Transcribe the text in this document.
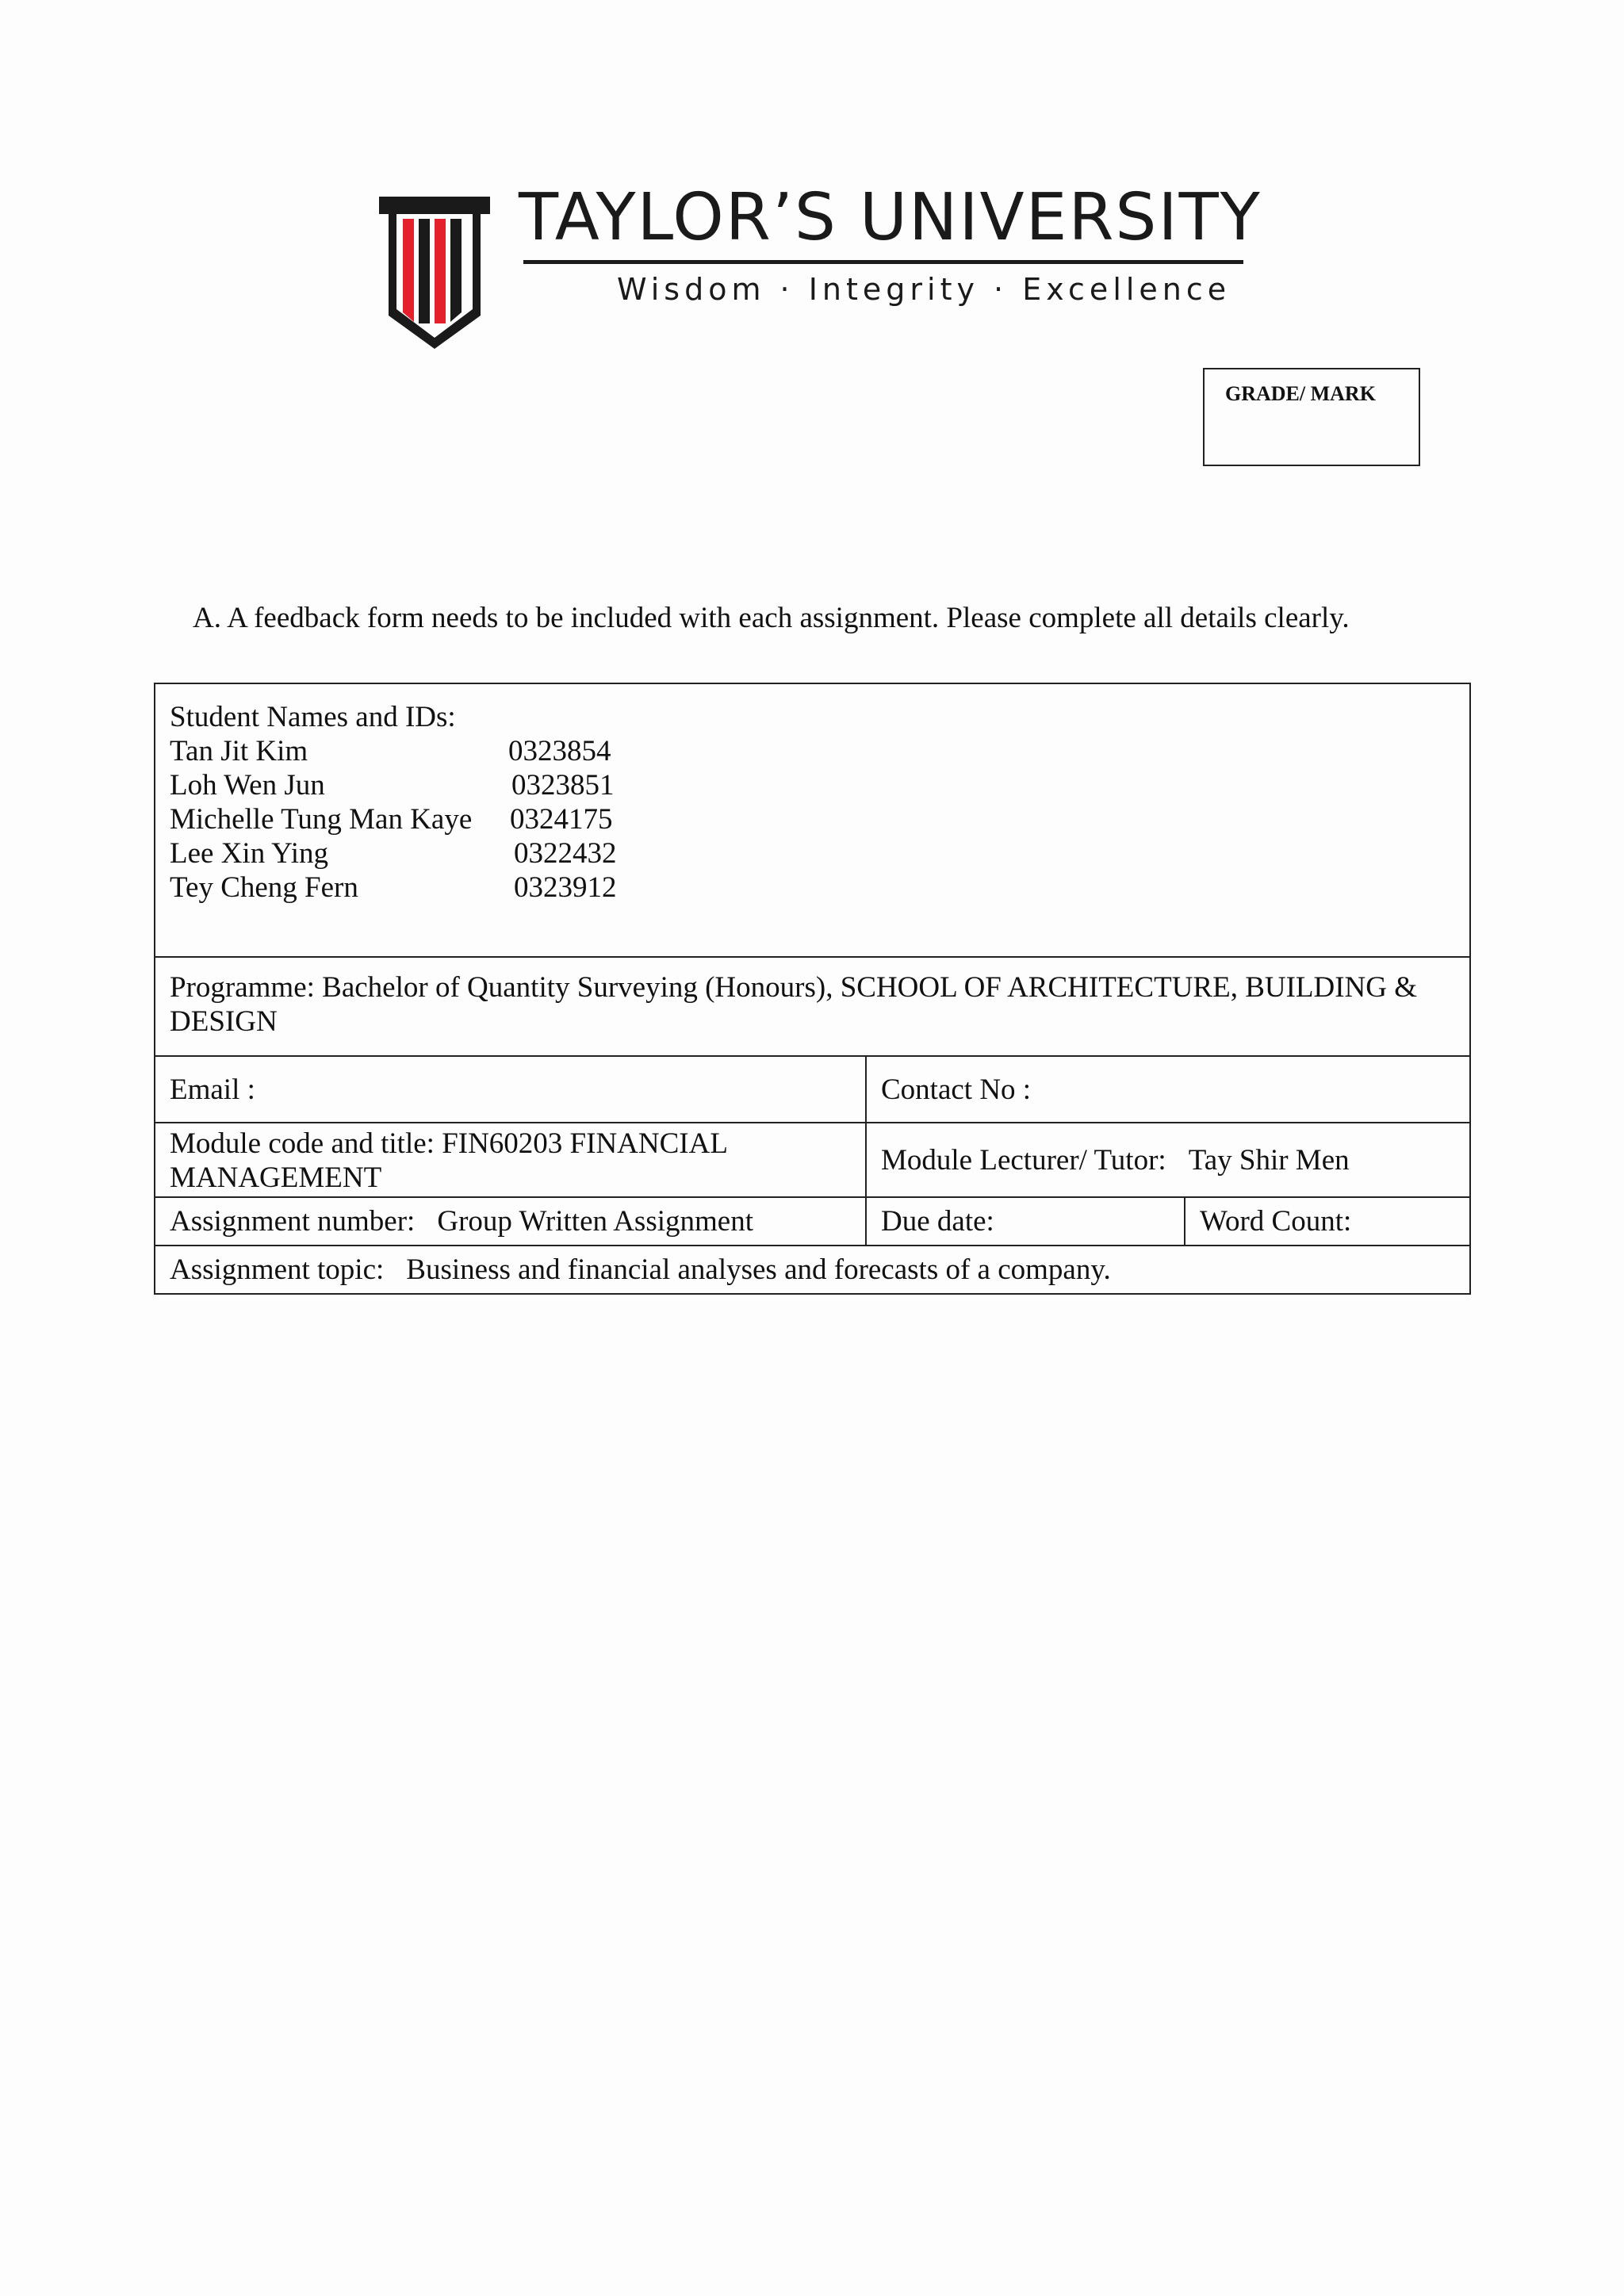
TAYLOR’S UNIVERSITY
Wisdom · Integrity · Excellence
GRADE/ MARK
A. A feedback form needs to be included with each assignment. Please complete all details clearly.
Student Names and IDs:
Tan Jit Kim	0323854
Loh Wen Jun	0323851
Michelle Tung Man Kaye 0324175
Lee Xin Ying	0322432
Tey Cheng Fern	0323912
Programme: Bachelor of Quantity Surveying (Honours), SCHOOL OF ARCHITECTURE, BUILDING & DESIGN
Email :	Contact No :
Module code and title: FIN60203 FINANCIAL
MANAGEMENT
Module Lecturer/ Tutor: Tay Shir Men
Assignment number: Group Written Assignment	Due date:	Word Count:
Assignment topic: Business and financial analyses and forecasts of a company.
